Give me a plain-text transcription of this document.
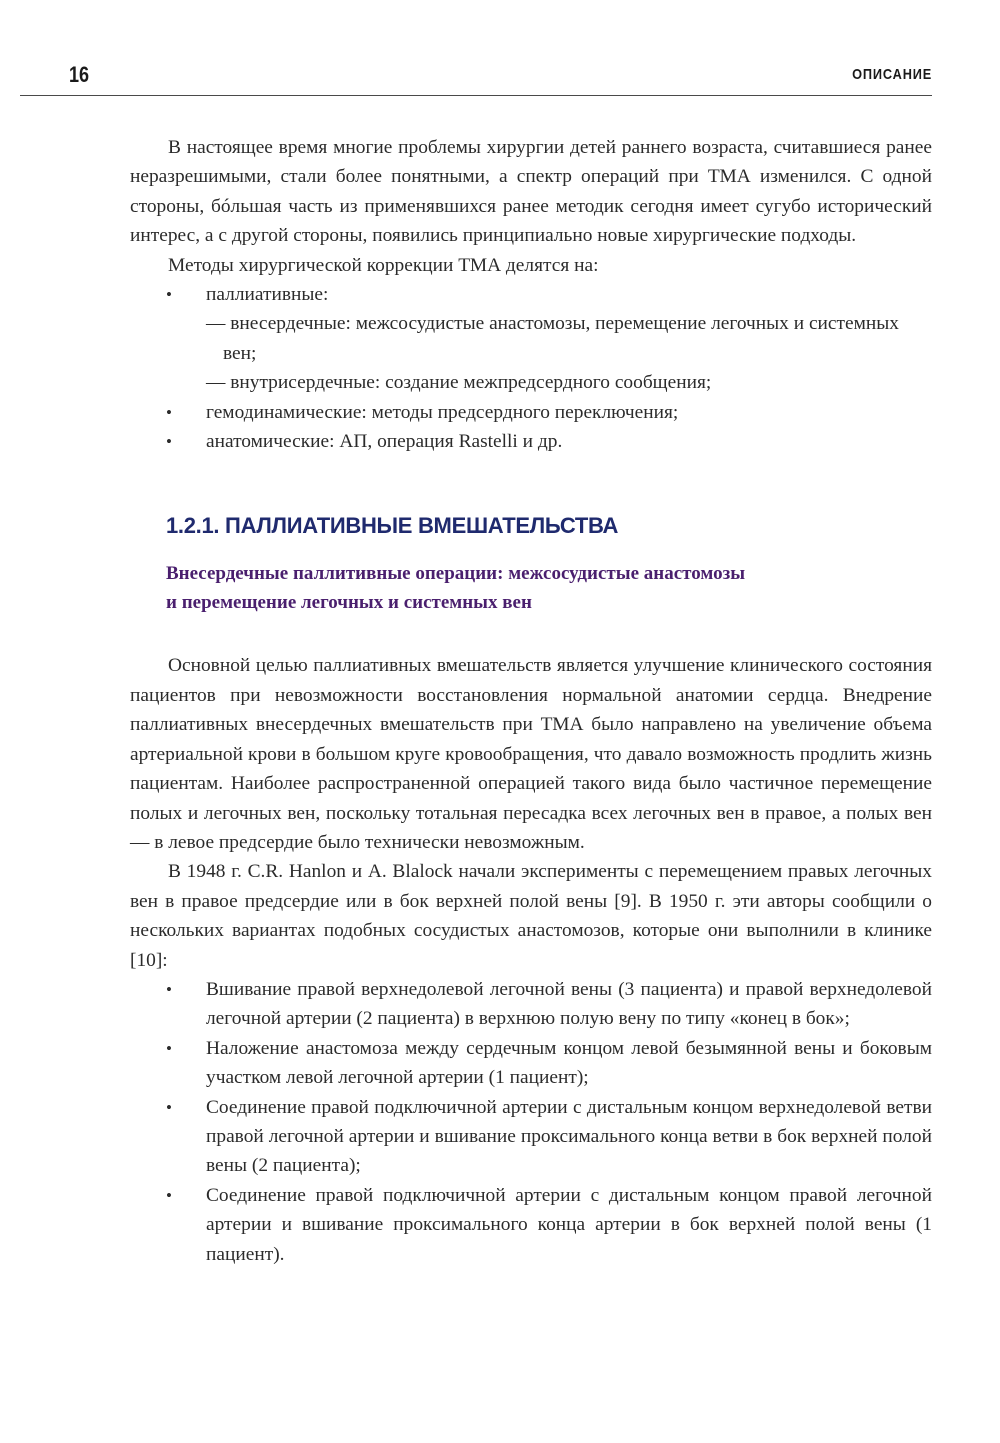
16	ОПИСАНИЕ

В настоящее время многие проблемы хирургии детей раннего возраста, считавшиеся ранее неразрешимыми, стали более понятными, а спектр операций при ТМА изменился. С одной стороны, бóльшая часть из применявшихся ранее методик сегодня имеет сугубо исторический интерес, а с другой стороны, появились принципиально новые хирургические подходы.

Методы хирургической коррекции ТМА делятся на:

• паллиативные:
— внесердечные: межсосудистые анастомозы, перемещение легочных и системных вен;
— внутрисердечные: создание межпредсердного сообщения;
• гемодинамические: методы предсердного переключения;
• анатомические: АП, операция Rastelli и др.
1.2.1. ПАЛЛИАТИВНЫЕ ВМЕШАТЕЛЬСТВА
Внесердечные паллитивные операции: межсосудистые анастомозы
и перемещение легочных и системных вен

Основной целью паллиативных вмешательств является улучшение клинического состояния пациентов при невозможности восстановления нормальной анатомии сердца. Внедрение паллиативных внесердечных вмешательств при ТМА было направлено на увеличение объема артериальной крови в большом круге кровообращения, что давало возможность продлить жизнь пациентам. Наиболее распространенной операцией такого вида было частичное перемещение полых и легочных вен, поскольку тотальная пересадка всех легочных вен в правое, а полых вен — в левое предсердие было технически невозможным.

В 1948 г. C.R. Hanlon и A. Blalock начали эксперименты с перемещением правых легочных вен в правое предсердие или в бок верхней полой вены [9]. В 1950 г. эти авторы сообщили о нескольких вариантах подобных сосудистых анастомозов, которые они выполнили в клинике [10]:

• Вшивание правой верхнедолевой легочной вены (3 пациента) и правой верхнедолевой легочной артерии (2 пациента) в верхнюю полую вену по типу «конец в бок»;
• Наложение анастомоза между сердечным концом левой безымянной вены и боковым участком левой легочной артерии (1 пациент);
• Соединение правой подключичной артерии с дистальным концом верхнедолевой ветви правой легочной артерии и вшивание проксимального конца ветви в бок верхней полой вены (2 пациента);
• Соединение правой подключичной артерии с дистальным концом правой легочной артерии и вшивание проксимального конца артерии в бок верхней полой вены (1 пациент).
